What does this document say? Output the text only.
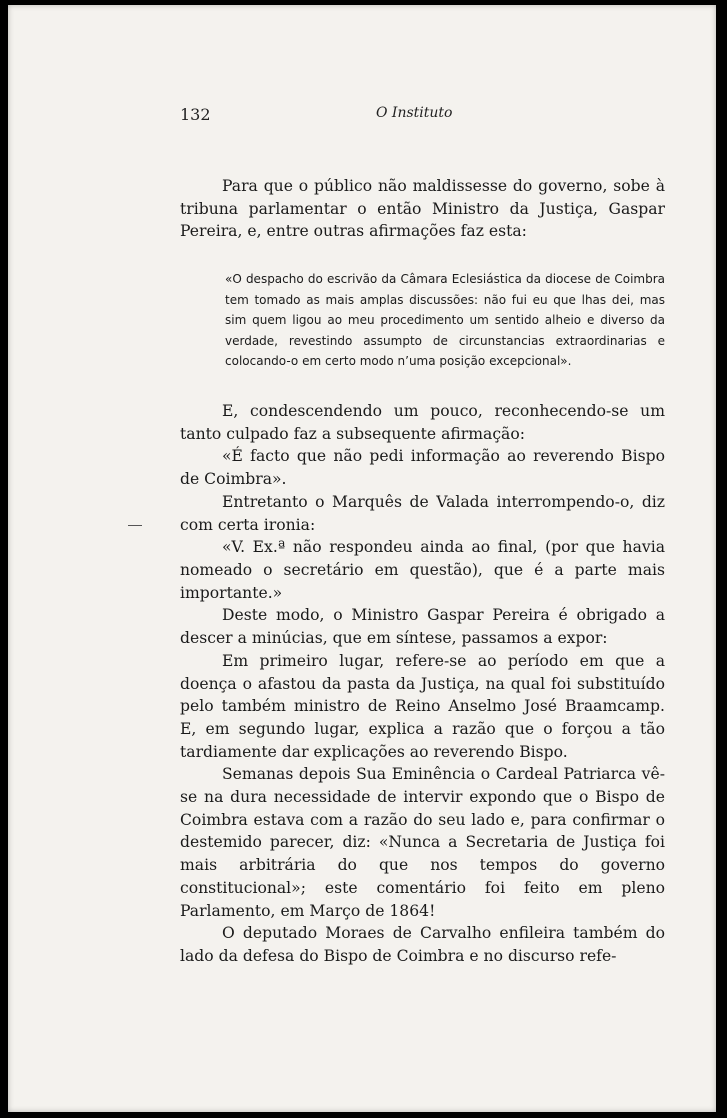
132	O Instituto

Para que o público não maldissesse do governo, sobe à tribuna parlamentar o então Ministro da Justiça, Gaspar Pereira, e, entre outras afirmações faz esta:

«O despacho do escrivão da Câmara Eclesiástica da diocese de Coimbra tem tomado as mais amplas discussões: não fui eu que lhas dei, mas sim quem ligou ao meu procedimento um sentido alheio e diverso da verdade, revestindo assumpto de circunstancias extraordinarias e colocando-o em certo modo n’uma posição excepcional».

E, condescendendo um pouco, reconhecendo-se um tanto culpado faz a subsequente afirmação:

«É facto que não pedi informação ao reverendo Bispo de Coimbra».

Entretanto o Marquês de Valada interrompendo-o, diz com certa ironia:

«V. Ex.ª não respondeu ainda ao final, (por que havia nomeado o secretário em questão), que é a parte mais importante.»

Deste modo, o Ministro Gaspar Pereira é obrigado a descer a minúcias, que em síntese, passamos a expor:

Em primeiro lugar, refere-se ao período em que a doença o afastou da pasta da Justiça, na qual foi substituído pelo também ministro de Reino Anselmo José Braamcamp. E, em segundo lugar, explica a razão que o forçou a tão tardiamente dar explicações ao reverendo Bispo.

Semanas depois Sua Eminência o Cardeal Patriarca vê-se na dura necessidade de intervir expondo que o Bispo de Coimbra estava com a razão do seu lado e, para confirmar o destemido parecer, diz: «Nunca a Secretaria de Justiça foi mais arbitrária do que nos tempos do governo constitucional»; este comentário foi feito em pleno Parlamento, em Março de 1864!

O deputado Moraes de Carvalho enfileira também do lado da defesa do Bispo de Coimbra e no discurso refe-
